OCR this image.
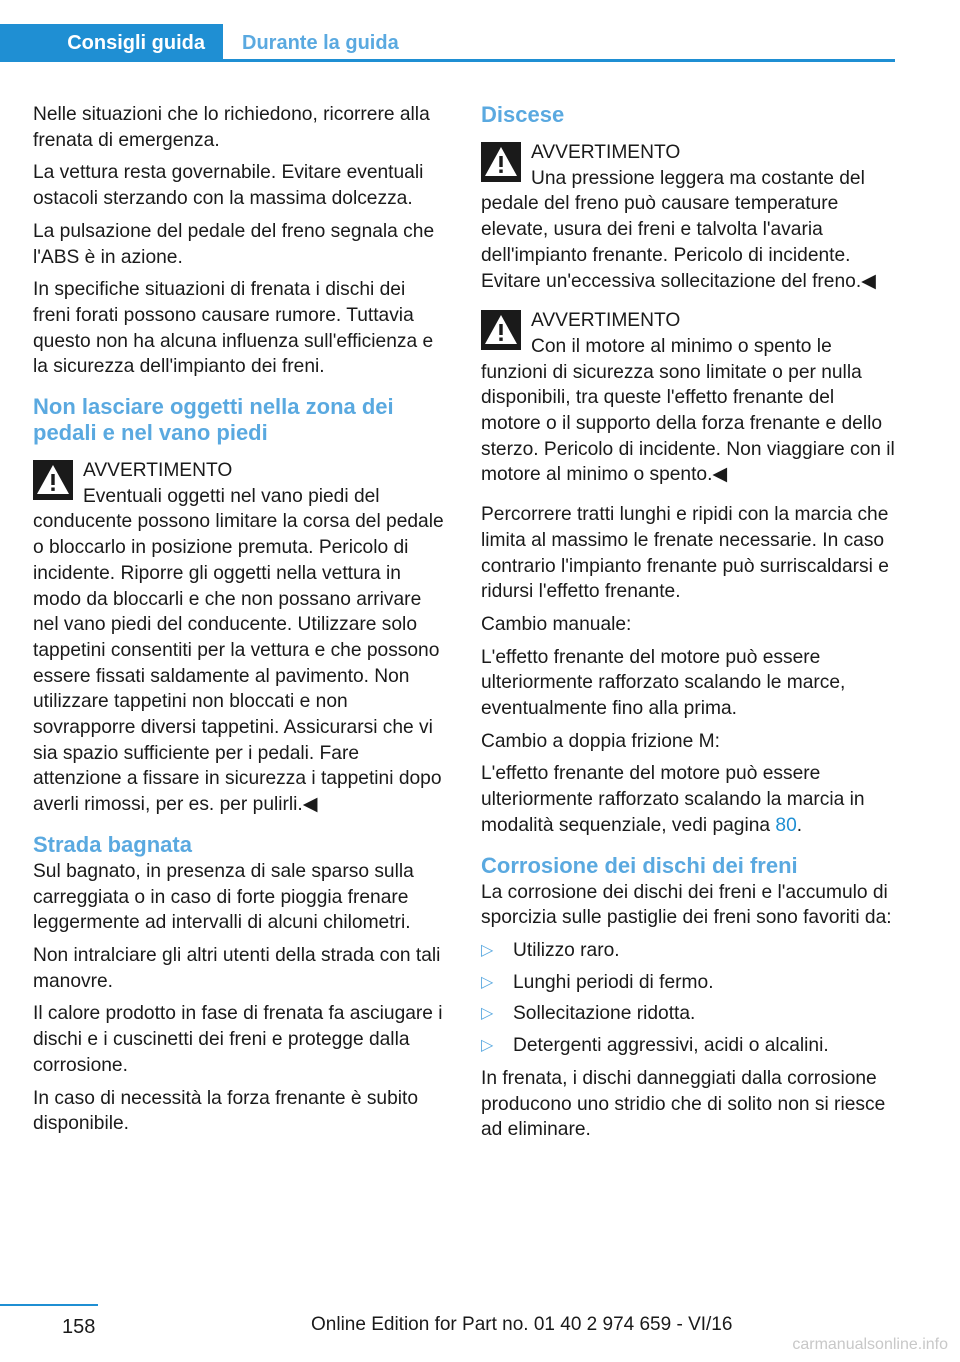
Consigli guida	Durante la guida

Nelle situazioni che lo richiedono, ricorrere alla frenata di emergenza.

La vettura resta governabile. Evitare eventuali ostacoli sterzando con la massima dolcezza.

La pulsazione del pedale del freno segnala che l'ABS è in azione.

In specifiche situazioni di frenata i dischi dei freni forati possono causare rumore. Tuttavia questo non ha alcuna influenza sull'efficienza e la sicurezza dell'impianto dei freni.

Non lasciare oggetti nella zona dei pedali e nel vano piedi
AVVERTIMENTO
Eventuali oggetti nel vano piedi del conducente possono limitare la corsa del pedale o bloccarlo in posizione premuta. Pericolo di incidente. Riporre gli oggetti nella vettura in modo da bloccarli e che non possano arrivare nel vano piedi del conducente. Utilizzare solo tappetini consentiti per la vettura e che possono essere fissati saldamente al pavimento. Non utilizzare tappetini non bloccati e non sovrapporre diversi tappetini. Assicurarsi che vi sia spazio sufficiente per i pedali. Fare attenzione a fissare in sicurezza i tappetini dopo averli rimossi, per es. per pulirli.◀
Strada bagnata

Sul bagnato, in presenza di sale sparso sulla carreggiata o in caso di forte pioggia frenare leggermente ad intervalli di alcuni chilometri.

Non intralciare gli altri utenti della strada con tali manovre.

Il calore prodotto in fase di frenata fa asciugare i dischi e i cuscinetti dei freni e protegge dalla corrosione.

In caso di necessità la forza frenante è subito disponibile.

Discese
AVVERTIMENTO
Una pressione leggera ma costante del pedale del freno può causare temperature elevate, usura dei freni e talvolta l'avaria dell'impianto frenante. Pericolo di incidente. Evitare un'eccessiva sollecitazione del freno.◀
AVVERTIMENTO
Con il motore al minimo o spento le funzioni di sicurezza sono limitate o per nulla disponibili, tra queste l'effetto frenante del motore o il supporto della forza frenante e dello sterzo. Pericolo di incidente. Non viaggiare con il motore al minimo o spento.◀

Percorrere tratti lunghi e ripidi con la marcia che limita al massimo le frenate necessarie. In caso contrario l'impianto frenante può surriscaldarsi e ridursi l'effetto frenante.

Cambio manuale:

L'effetto frenante del motore può essere ulteriormente rafforzato scalando le marce, eventualmente fino alla prima.

Cambio a doppia frizione M:

L'effetto frenante del motore può essere ulteriormente rafforzato scalando la marcia in modalità sequenziale, vedi pagina 80.

Corrosione dei dischi dei freni

La corrosione dei dischi dei freni e l'accumulo di sporcizia sulle pastiglie dei freni sono favoriti da:

▷ Utilizzo raro.
▷ Lunghi periodi di fermo.
▷ Sollecitazione ridotta.
▷ Detergenti aggressivi, acidi o alcalini.

In frenata, i dischi danneggiati dalla corrosione producono uno stridio che di solito non si riesce ad eliminare.

158	Online Edition for Part no. 01 40 2 974 659 - VI/16
carmanualsonline.info
